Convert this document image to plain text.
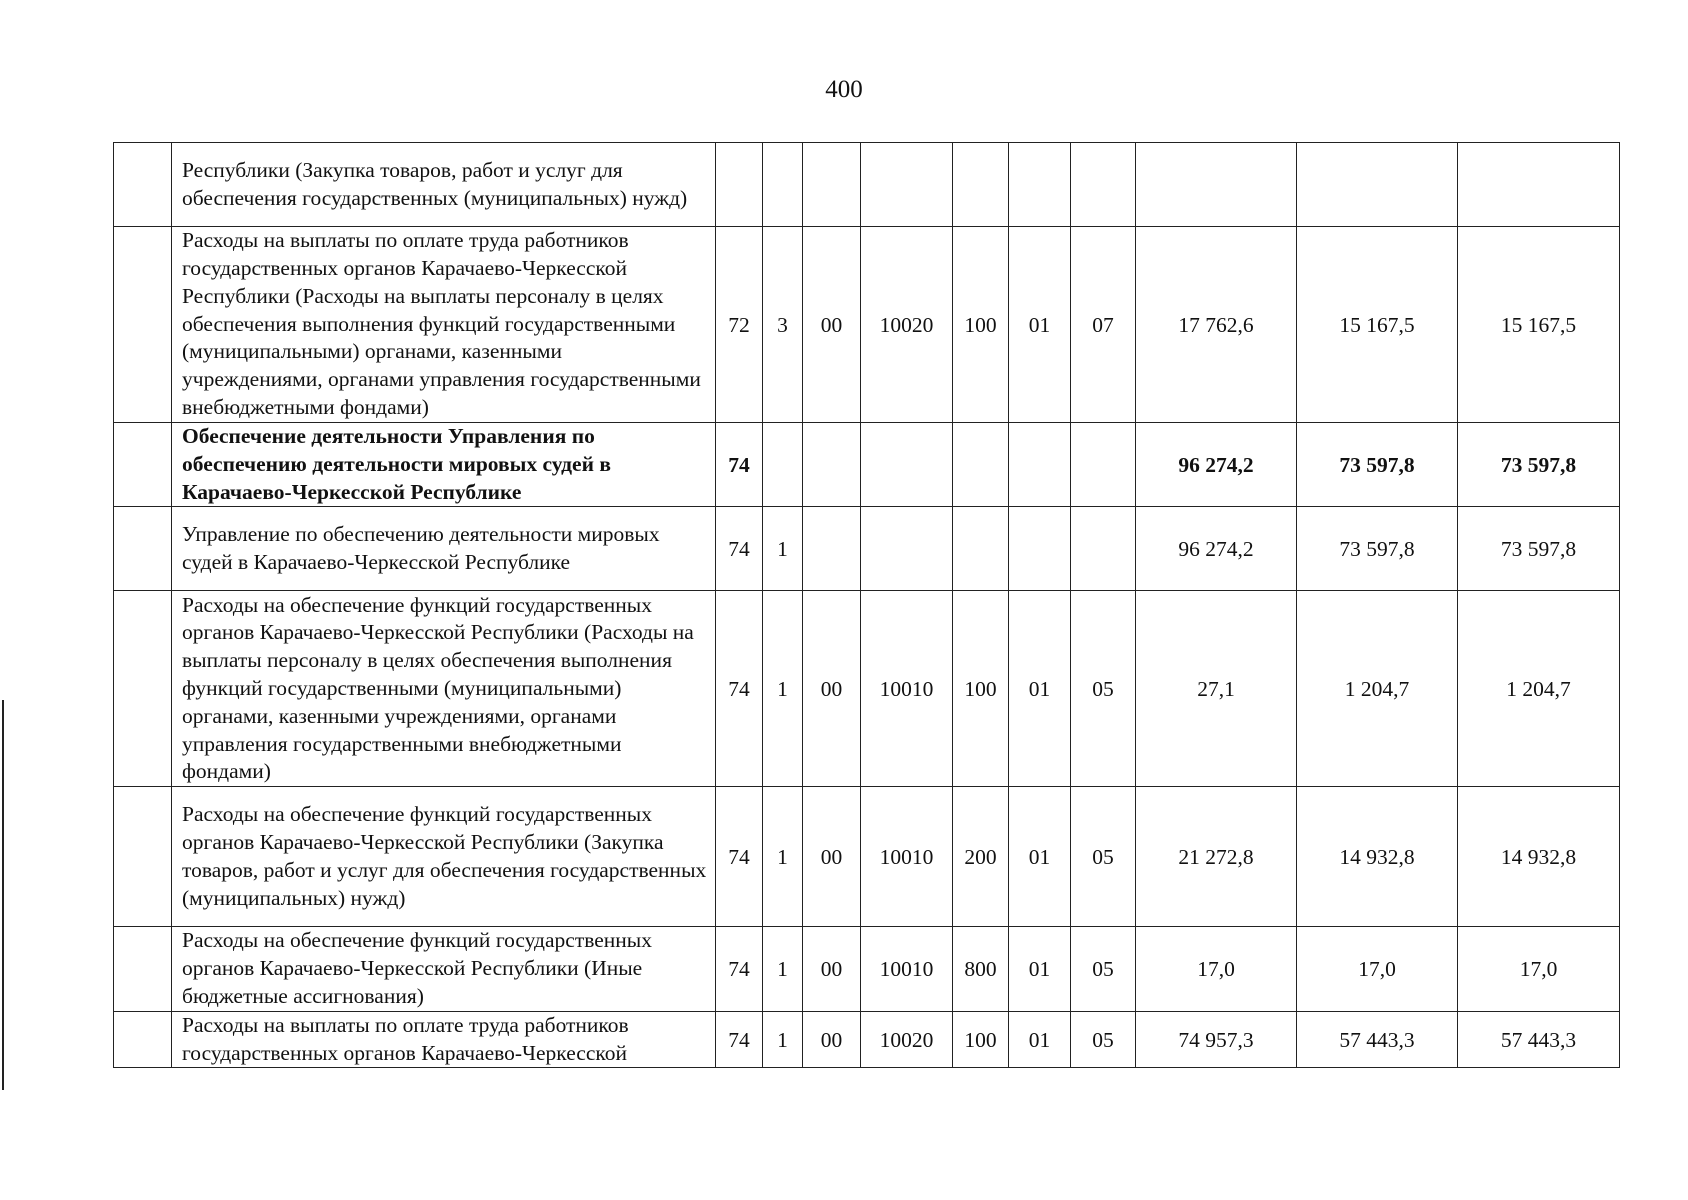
400
	Республики (Закупка товаров, работ и услуг для обеспечения государственных (муниципальных) нужд)										
	Расходы на выплаты по оплате труда работников государственных органов Карачаево-Черкесской Республики (Расходы на выплаты персоналу в целях обеспечения выполнения функций государственными (муниципальными) органами, казенными учреждениями, органами управления государственными внебюджетными фондами)	72	3	00	10020	100	01	07	17 762,6	15 167,5	15 167,5
	Обеспечение деятельности Управления по обеспечению деятельности мировых судей в Карачаево-Черкесской Республике	74							96 274,2	73 597,8	73 597,8
	Управление по обеспечению деятельности мировых судей в Карачаево-Черкесской Республике	74	1						96 274,2	73 597,8	73 597,8
	Расходы на обеспечение функций государственных органов Карачаево-Черкесской Республики (Расходы на выплаты персоналу в целях обеспечения выполнения функций государственными (муниципальными) органами, казенными учреждениями, органами управления государственными внебюджетными фондами)	74	1	00	10010	100	01	05	27,1	1 204,7	1 204,7
	Расходы на обеспечение функций государственных органов Карачаево-Черкесской Республики (Закупка товаров, работ и услуг для обеспечения государственных (муниципальных) нужд)	74	1	00	10010	200	01	05	21 272,8	14 932,8	14 932,8
	Расходы на обеспечение функций государственных органов Карачаево-Черкесской Республики (Иные бюджетные ассигнования)	74	1	00	10010	800	01	05	17,0	17,0	17,0
	Расходы на выплаты по оплате труда работников государственных органов Карачаево-Черкесской	74	1	00	10020	100	01	05	74 957,3	57 443,3	57 443,3
